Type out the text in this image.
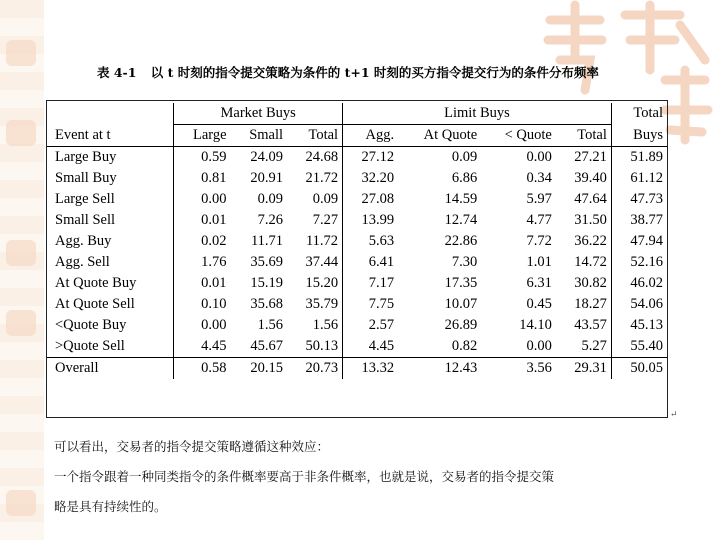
表 4-1 以 t 时刻的指令提交策略为条件的 t+1 时刻的买方指令提交行为的条件分布频率
	Market Buys			Limit Buys				Total
Event at t	Large	Small	Total	Agg.	At Quote	< Quote	Total	Buys
Large Buy	0.59	24.09	24.68	27.12	0.09	0.00	27.21	51.89
Small Buy	0.81	20.91	21.72	32.20	6.86	0.34	39.40	61.12
Large Sell	0.00	0.09	0.09	27.08	14.59	5.97	47.64	47.73
Small Sell	0.01	7.26	7.27	13.99	12.74	4.77	31.50	38.77
Agg. Buy	0.02	11.71	11.72	5.63	22.86	7.72	36.22	47.94
Agg. Sell	1.76	35.69	37.44	6.41	7.30	1.01	14.72	52.16
At Quote Buy	0.01	15.19	15.20	7.17	17.35	6.31	30.82	46.02
At Quote Sell	0.10	35.68	35.79	7.75	10.07	0.45	18.27	54.06
<Quote Buy	0.00	1.56	1.56	2.57	26.89	14.10	43.57	45.13
>Quote Sell	4.45	45.67	50.13	4.45	0.82	0.00	5.27	55.40
Overall	0.58	20.15	20.73	13.32	12.43	3.56	29.31	50.05
↵
可以看出，交易者的指令提交策略遵循这种效应：
一个指令跟着一种同类指令的条件概率要高于非条件概率，也就是说，交易者的指令提交策
略是具有持续性的。
